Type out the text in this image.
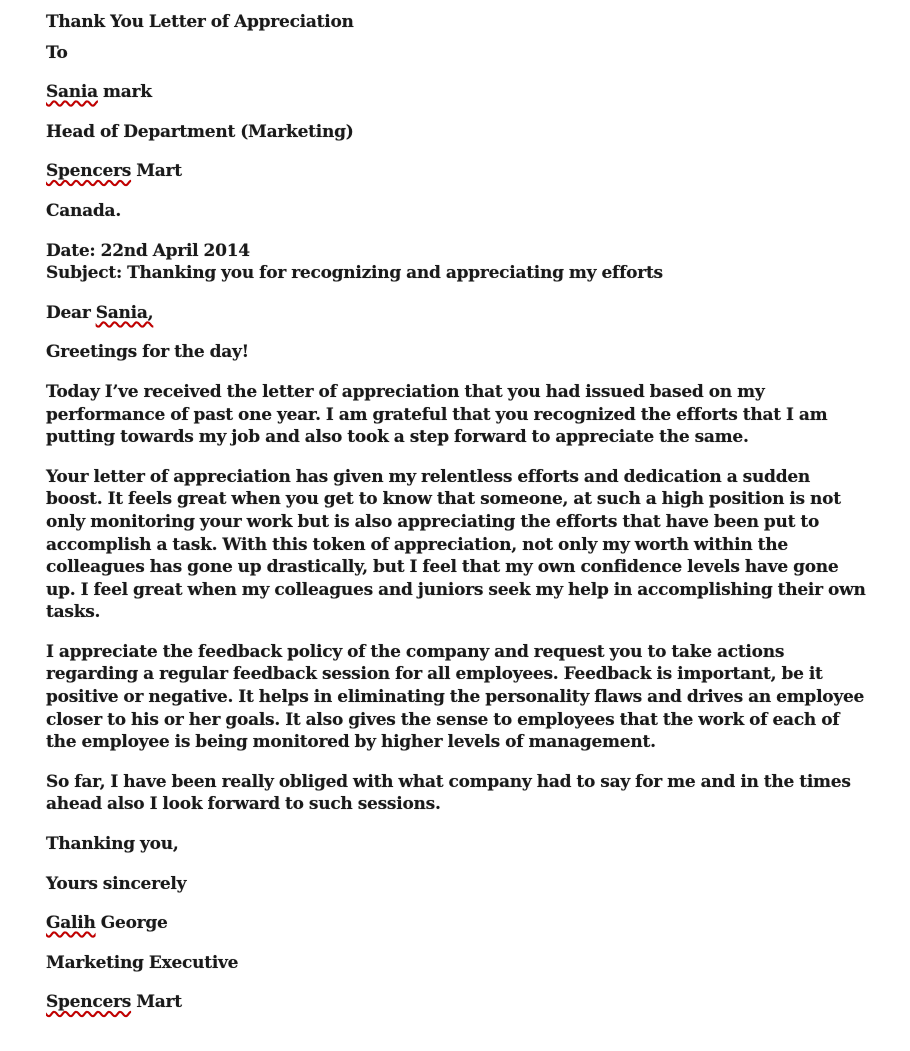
Thank You Letter of Appreciation
To
Sania mark
Head of Department (Marketing)
Spencers Mart
Canada.
Date: 22nd April 2014
Subject: Thanking you for recognizing and appreciating my efforts
Dear Sania,
Greetings for the day!
Today I’ve received the letter of appreciation that you had issued based on my performance of past one year. I am grateful that you recognized the efforts that I am putting towards my job and also took a step forward to appreciate the same.
Your letter of appreciation has given my relentless efforts and dedication a sudden boost. It feels great when you get to know that someone, at such a high position is not only monitoring your work but is also appreciating the efforts that have been put to accomplish a task. With this token of appreciation, not only my worth within the colleagues has gone up drastically, but I feel that my own confidence levels have gone up. I feel great when my colleagues and juniors seek my help in accomplishing their own tasks.
I appreciate the feedback policy of the company and request you to take actions regarding a regular feedback session for all employees. Feedback is important, be it positive or negative. It helps in eliminating the personality flaws and drives an employee closer to his or her goals. It also gives the sense to employees that the work of each of the employee is being monitored by higher levels of management.
So far, I have been really obliged with what company had to say for me and in the times ahead also I look forward to such sessions.
Thanking you,
Yours sincerely
Galih George
Marketing Executive
Spencers Mart
